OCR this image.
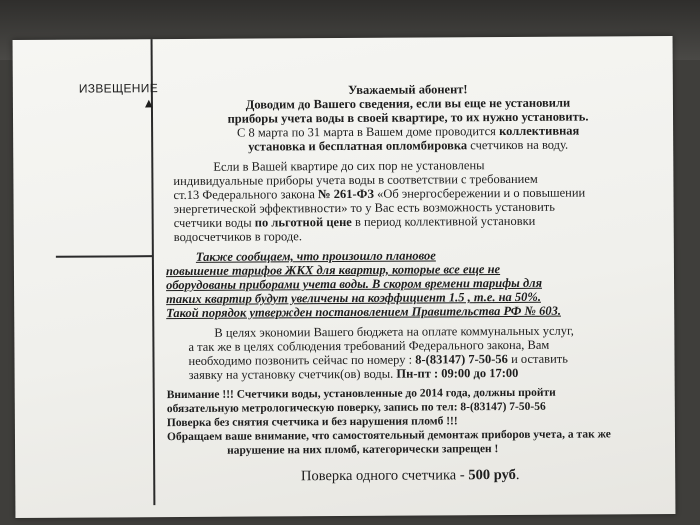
ИЗВЕЩЕНИЕ
▲
Уважаемый абонент!
Доводим до Вашего сведения, если вы еще не установили
приборы учета воды в своей квартире, то их нужно установить.
С 8 марта по 31 марта в Вашем доме проводится коллективная
установка и бесплатная опломбировка счетчиков на воду.
Если в Вашей квартире до сих пор не установлены
индивидуальные приборы учета воды в соответствии с требованием
ст.13 Федерального закона № 261-ФЗ «Об энергосбережении и о повышении
энергетической эффективности» то у Вас есть возможность установить
счетчики воды по льготной цене в период коллективной установки
водосчетчиков в городе.
Также сообщаем, что произошло плановое
повышение тарифов ЖКХ для квартир, которые все еще не
оборудованы приборами учета воды. В скором времени тарифы для
таких квартир будут увеличены на коэффициент 1.5 , т.е. на 50%.
Такой порядок утвержден постановлением Правительства РФ № 603.
В целях экономии Вашего бюджета на оплате коммунальных услуг,
а так же в целях соблюдения требований Федерального закона, Вам
необходимо позвонить сейчас по номеру : 8-(83147) 7-50-56 и оставить
заявку на установку счетчик(ов) воды. Пн-пт : 09:00 до 17:00
Внимание !!! Счетчики воды, установленные до 2014 года, должны пройти
обязательную метрологическую поверку, запись по тел: 8-(83147) 7-50-56
Поверка без снятия счетчика и без нарушения пломб !!!
Обращаем ваше внимание, что самостоятельный демонтаж приборов учета, а так же
нарушение на них пломб, категорически запрещен !
Поверка одного счетчика - 500 руб.
